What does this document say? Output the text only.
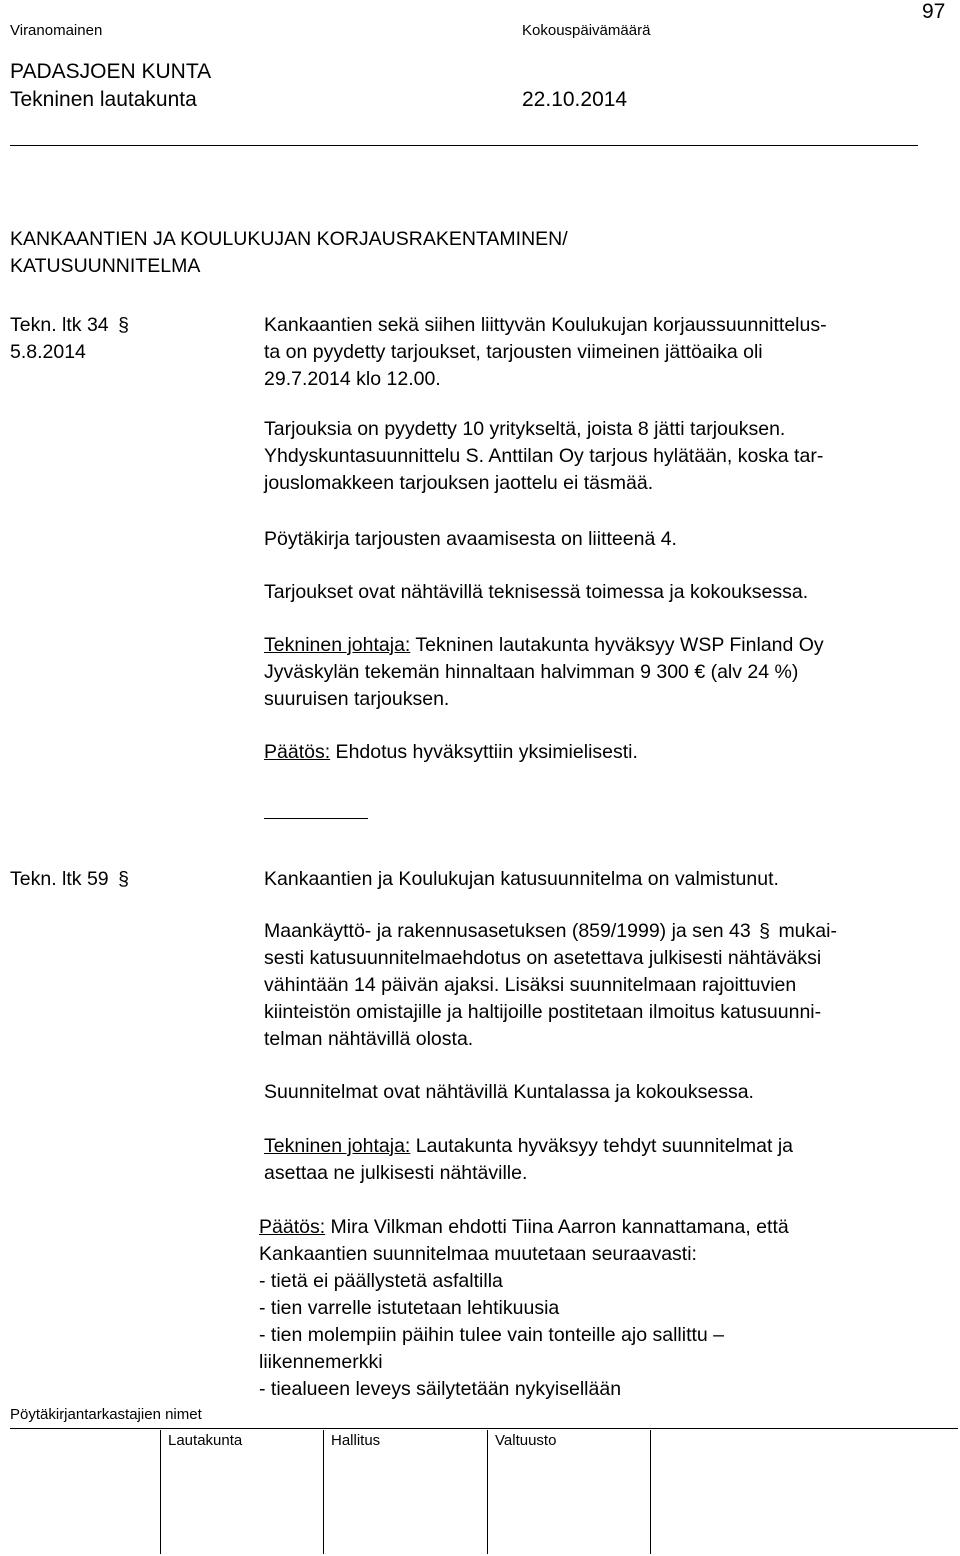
97
Viranomainen	Kokouspäivämäärä
PADASJOEN KUNTA
Tekninen lautakunta	22.10.2014
KANKAANTIEN JA KOULUKUJAN KORJAUSRAKENTAMINEN/
KATUSUUNNITELMA
Tekn. ltk 34 §
5.8.2014
Kankaantien sekä siihen liittyvän Koulukujan korjaussuunnittelus-
ta on pyydetty tarjoukset, tarjousten viimeinen jättöaika oli
29.7.2014 klo 12.00.
Tarjouksia on pyydetty 10 yritykseltä, joista 8 jätti tarjouksen.
Yhdyskuntasuunnittelu S. Anttilan Oy tarjous hylätään, koska tar-
jouslomakkeen tarjouksen jaottelu ei täsmää.
Pöytäkirja tarjousten avaamisesta on liitteenä 4.
Tarjoukset ovat nähtävillä teknisessä toimessa ja kokouksessa.
Tekninen johtaja: Tekninen lautakunta hyväksyy WSP Finland Oy
Jyväskylän tekemän hinnaltaan halvimman 9 300 € (alv 24 %)
suuruisen tarjouksen.
Päätös: Ehdotus hyväksyttiin yksimielisesti.
Tekn. ltk 59 §	Kankaantien ja Koulukujan katusuunnitelma on valmistunut.
Maankäyttö- ja rakennusasetuksen (859/1999) ja sen 43 § mukai-
sesti katusuunnitelmaehdotus on asetettava julkisesti nähtäväksi
vähintään 14 päivän ajaksi. Lisäksi suunnitelmaan rajoittuvien
kiinteistön omistajille ja haltijoille postitetaan ilmoitus katusuunni-
telman nähtävillä olosta.
Suunnitelmat ovat nähtävillä Kuntalassa ja kokouksessa.
Tekninen johtaja: Lautakunta hyväksyy tehdyt suunnitelmat ja
asettaa ne julkisesti nähtäville.
Päätös: Mira Vilkman ehdotti Tiina Aarron kannattamana, että
Kankaantien suunnitelmaa muutetaan seuraavasti:
- tietä ei päällystetä asfaltilla
- tien varrelle istutetaan lehtikuusia
- tien molempiin päihin tulee vain tonteille ajo sallittu –
liikennemerkki
- tiealueen leveys säilytetään nykyisellään
Pöytäkirjantarkastajien nimet
Lautakunta	Hallitus	Valtuusto
